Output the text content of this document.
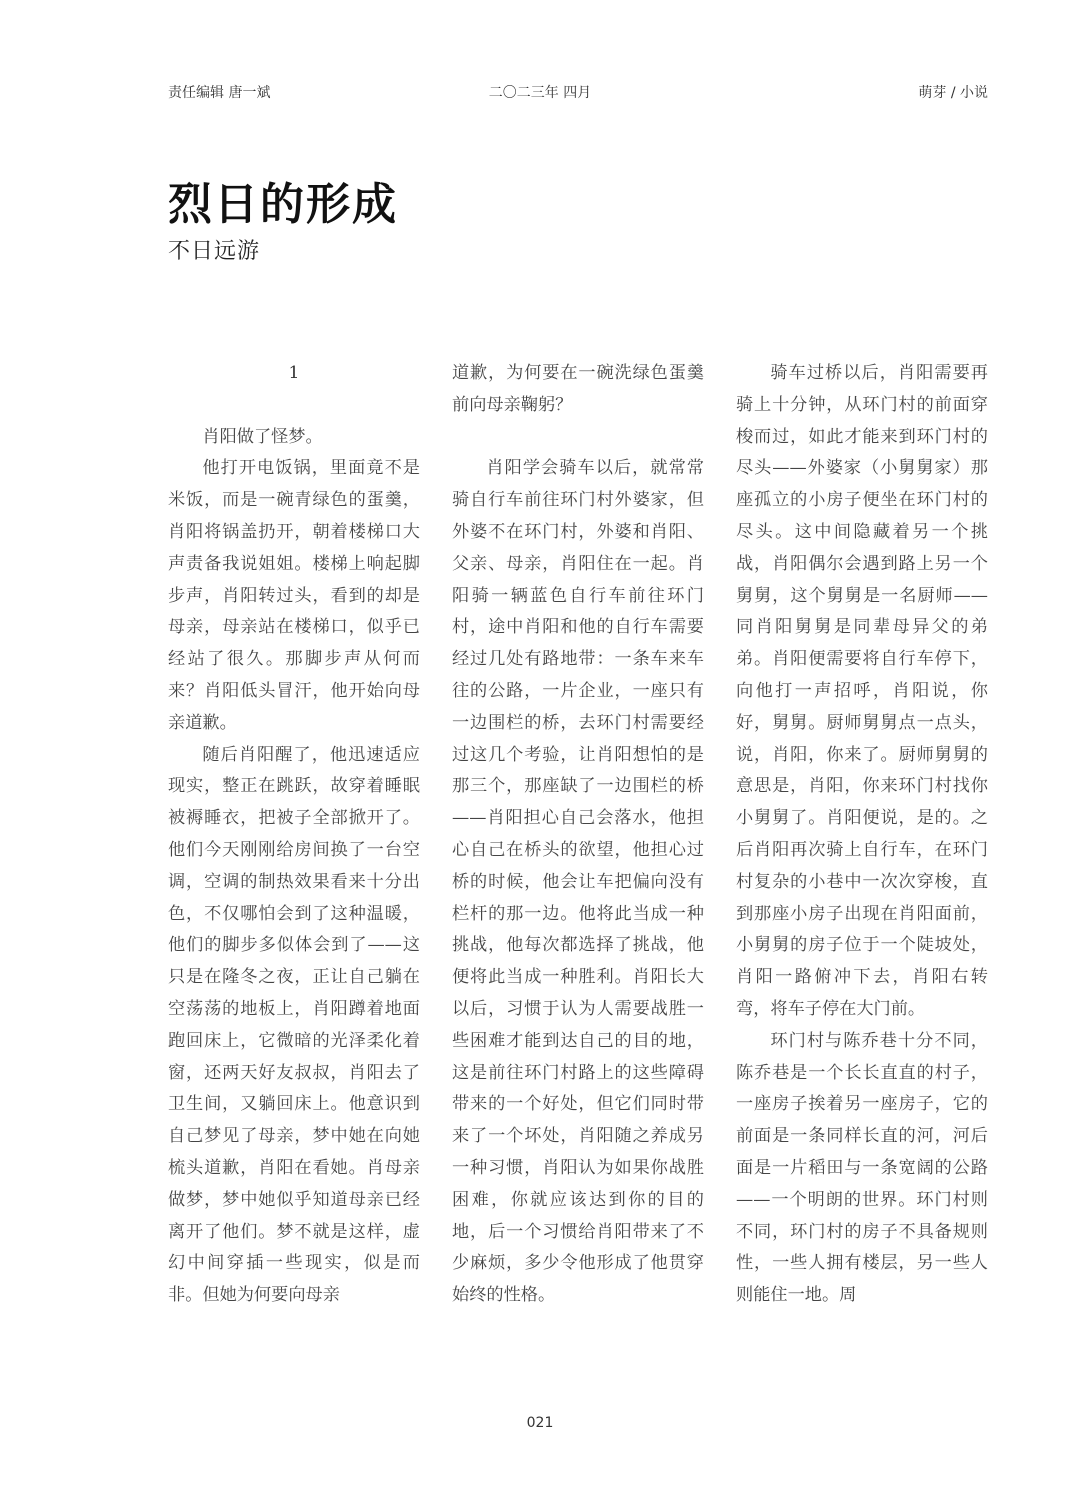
责任编辑 唐一斌	二〇二三年 四月	萌芽 / 小说
烈日的形成
不日远游

1

肖阳做了怪梦。

他打开电饭锅，里面竟不是米饭，而是一碗青绿色的蛋羹，肖阳将锅盖扔开，朝着楼梯口大声责备我说姐姐。楼梯上响起脚步声，肖阳转过头，看到的却是母亲，母亲站在楼梯口，似乎已经站了很久。那脚步声从何而来？肖阳低头冒汗，他开始向母亲道歉。

随后肖阳醒了，他迅速适应现实，整正在跳跃，故穿着睡眠被褥睡衣，把被子全部掀开了。他们今天刚刚给房间换了一台空调，空调的制热效果看来十分出色，不仅哪怕会到了这种温暖，他们的脚步多似体会到了——这只是在隆冬之夜，正让自己躺在空荡荡的地板上，肖阳蹲着地面跑回床上，它微暗的光泽柔化着窗，还两天好友叔叔，肖阳去了卫生间，又躺回床上。他意识到自己梦见了母亲，梦中她在向她梳头道歉，肖阳在看她。肖母亲做梦，梦中她似乎知道母亲已经离开了他们。梦不就是这样，虚幻中间穿插一些现实，似是而非。但她为何要向母亲

道歉，为何要在一碗洗绿色蛋羹前向母亲鞠躬？

肖阳学会骑车以后，就常常骑自行车前往环门村外婆家，但外婆不在环门村，外婆和肖阳、父亲、母亲，肖阳住在一起。肖阳骑一辆蓝色自行车前往环门村，途中肖阳和他的自行车需要经过几处有路地带：一条车来车往的公路，一片企业，一座只有一边围栏的桥，去环门村需要经过这几个考验，让肖阳想怕的是那三个，那座缺了一边围栏的桥——肖阳担心自己会落水，他担心自己在桥头的欲望，他担心过桥的时候，他会让车把偏向没有栏杆的那一边。他将此当成一种挑战，他每次都选择了挑战，他便将此当成一种胜利。肖阳长大以后，习惯于认为人需要战胜一些困难才能到达自己的目的地，这是前往环门村路上的这些障碍带来的一个好处，但它们同时带来了一个坏处，肖阳随之养成另一种习惯，肖阳认为如果你战胜困难，你就应该达到你的目的地，后一个习惯给肖阳带来了不少麻烦，多少令他形成了他贯穿始终的性格。

骑车过桥以后，肖阳需要再骑上十分钟，从环门村的前面穿梭而过，如此才能来到环门村的尽头——外婆家（小舅舅家）那座孤立的小房子便坐在环门村的尽头。这中间隐藏着另一个挑战，肖阳偶尔会遇到路上另一个舅舅，这个舅舅是一名厨师——同肖阳舅舅是同辈母异父的弟弟。肖阳便需要将自行车停下，向他打一声招呼，肖阳说，你好，舅舅。厨师舅舅点一点头，说，肖阳，你来了。厨师舅舅的意思是，肖阳，你来环门村找你小舅舅了。肖阳便说，是的。之后肖阳再次骑上自行车，在环门村复杂的小巷中一次次穿梭，直到那座小房子出现在肖阳面前，小舅舅的房子位于一个陡坡处，肖阳一路俯冲下去，肖阳右转弯，将车子停在大门前。

环门村与陈乔巷十分不同，陈乔巷是一个长长直直的村子，一座房子挨着另一座房子，它的前面是一条同样长直的河，河后面是一片稻田与一条宽阔的公路——一个明朗的世界。环门村则不同，环门村的房子不具备规则性，一些人拥有楼层，另一些人则能住一地。周

021
